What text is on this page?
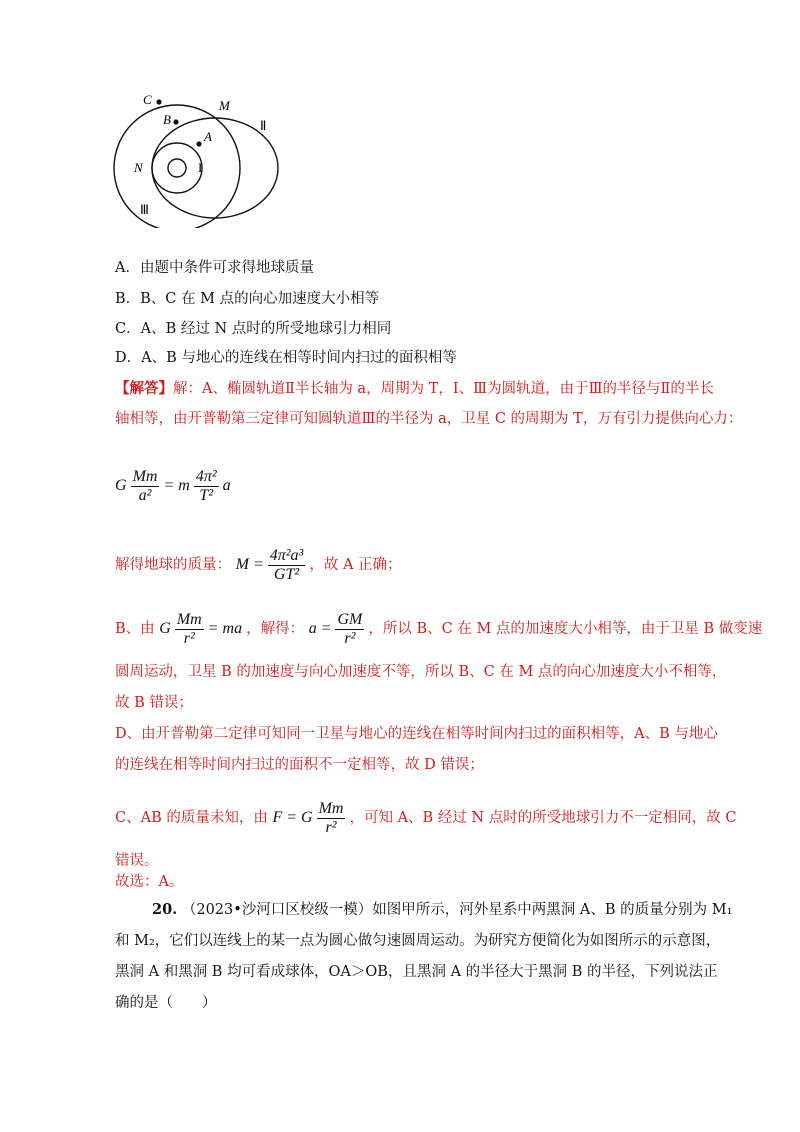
C	M
B
A
Ⅱ
N	I
Ⅲ
A．由题中条件可求得地球质量
B．B、C 在 M 点的向心加速度大小相等
C．A、B 经过 N 点时的所受地球引力相同
D．A、B 与地心的连线在相等时间内扫过的面积相等
【解答】解：A、椭圆轨道Ⅱ半长轴为 a，周期为 T，Ⅰ、Ⅲ为圆轨道，由于Ⅲ的半径与Ⅱ的半长
轴相等，由开普勒第三定律可知圆轨道Ⅲ的半径为 a，卫星 C 的周期为 T，万有引力提供向心力：
G $\frac{Mm}{\text{a²}} = m \frac{\text{4π²}}{\text{T²}}$ a
解得地球的质量： $M = \frac{\text{4π²a³}}{\text{GT²}}$ ，故 A 正确；
B、由 G $\frac{Mm}{\text{r²}}$ = ma ，解得： $a = \frac{GM}{\text{r²}}$ ，所以 B、C 在 M 点的加速度大小相等，由于卫星 B 做变速
圆周运动，卫星 B 的加速度与向心加速度不等，所以 B、C 在 M 点的向心加速度大小不相等，
故 B 错误；
D、由开普勒第二定律可知同一卫星与地心的连线在相等时间内扫过的面积相等，A、B 与地心
的连线在相等时间内扫过的面积不一定相等，故 D 错误；
C、AB 的质量未知，由 F = G $\frac{Mm}{\text{r²}}$ ，可知 A、B 经过 N 点时的所受地球引力不一定相同，故 C
错误。
故选：A。
20. （2023•沙河口区校级一模）如图甲所示，河外星系中两黑洞 A、B 的质量分别为 M₁
和 M₂，它们以连线上的某一点为圆心做匀速圆周运动。为研究方便简化为如图所示的示意图，
黑洞 A 和黑洞 B 均可看成球体，OA＞OB，且黑洞 A 的半径大于黑洞 B 的半径，下列说法正
确的是（　　）
